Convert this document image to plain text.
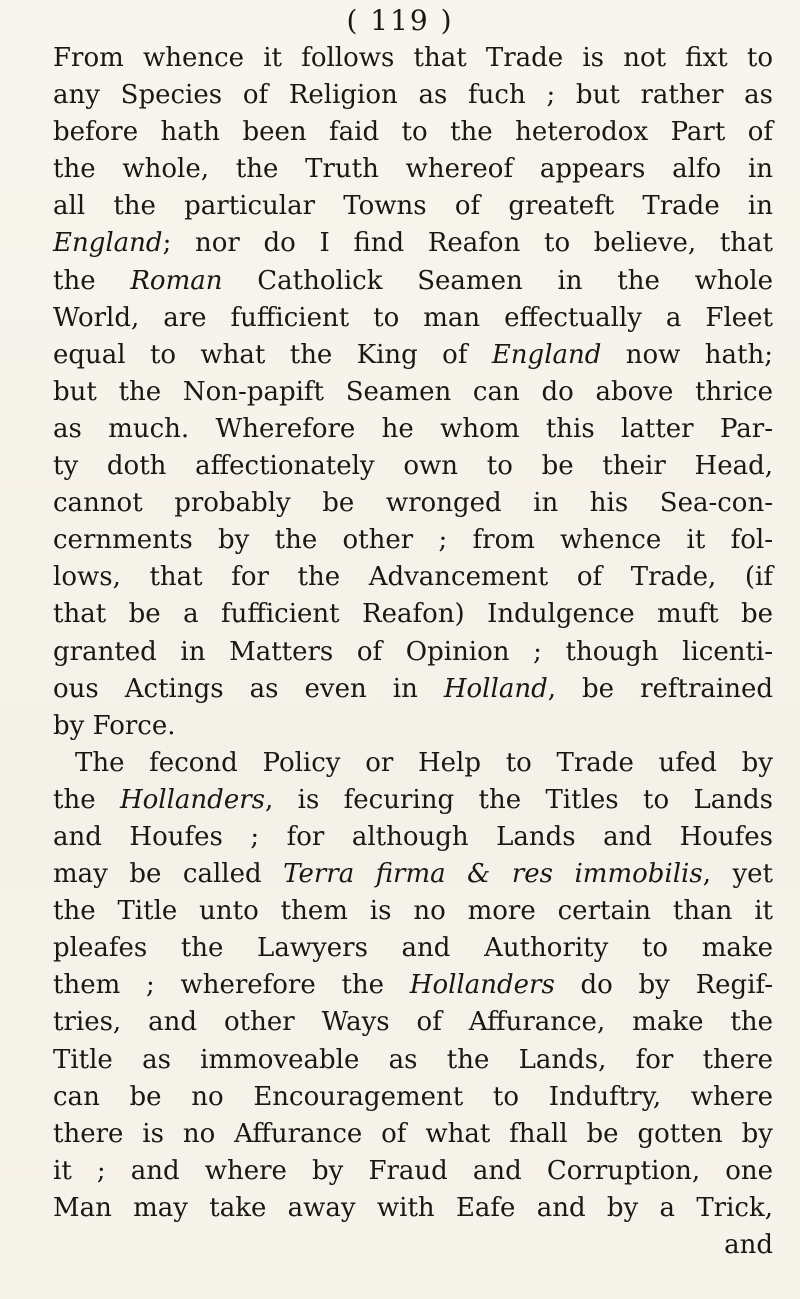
( 119 )
From whence it follows that Trade is not fixt to
any Species of Religion as fuch ; but rather as
before hath been faid to the heterodox Part of
the whole, the Truth whereof appears alfo in
all the particular Towns of greateft Trade in
England; nor do I find Reafon to believe, that
the Roman Catholick Seamen in the whole
World, are fufficient to man effectually a Fleet
equal to what the King of England now hath;
but the Non-papift Seamen can do above thrice
as much. Wherefore he whom this latter Par-
ty doth affectionately own to be their Head,
cannot probably be wronged in his Sea-con-
cernments by the other ; from whence it fol-
lows, that for the Advancement of Trade, (if
that be a fufficient Reafon) Indulgence muft be
granted in Matters of Opinion ; though licenti-
ous Actings as even in Holland, be reftrained
by Force.
The fecond Policy or Help to Trade ufed by
the Hollanders, is fecuring the Titles to Lands
and Houfes ; for although Lands and Houfes
may be called Terra firma & res immobilis, yet
the Title unto them is no more certain than it
pleafes the Lawyers and Authority to make
them ; wherefore the Hollanders do by Regif-
tries, and other Ways of Affurance, make the
Title as immoveable as the Lands, for there
can be no Encouragement to Induftry, where
there is no Affurance of what fhall be gotten by
it ; and where by Fraud and Corruption, one
Man may take away with Eafe and by a Trick,
and
